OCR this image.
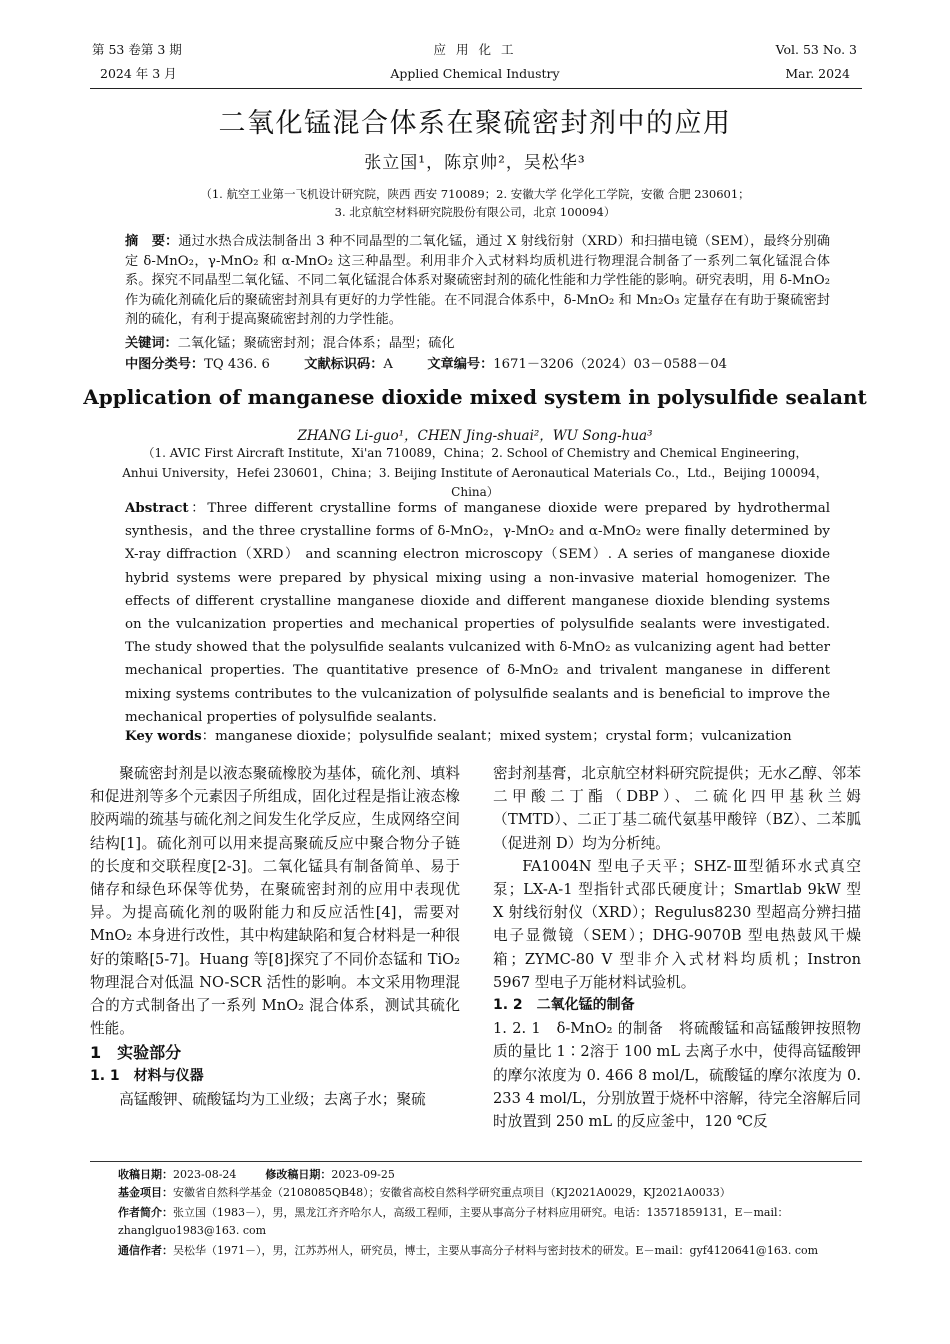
第 53 卷第 3 期
2024 年 3 月
应 用 化 工
Applied Chemical Industry
Vol. 53 No. 3
Mar. 2024
二氧化锰混合体系在聚硫密封剂中的应用
张立国¹，陈京帅²，吴松华³
（1. 航空工业第一飞机设计研究院，陕西 西安 710089；2. 安徽大学 化学化工学院，安徽 合肥 230601；
3. 北京航空材料研究院股份有限公司，北京 100094）
摘　要：通过水热合成法制备出 3 种不同晶型的二氧化锰，通过 X 射线衍射（XRD）和扫描电镜（SEM），最终分别确定 δ-MnO₂，γ-MnO₂ 和 α-MnO₂ 这三种晶型。利用非介入式材料均质机进行物理混合制备了一系列二氧化锰混合体系。探究不同晶型二氧化锰、不同二氧化锰混合体系对聚硫密封剂的硫化性能和力学性能的影响。研究表明，用 δ-MnO₂ 作为硫化剂硫化后的聚硫密封剂具有更好的力学性能。在不同混合体系中，δ-MnO₂ 和 Mn₂O₃ 定量存在有助于聚硫密封剂的硫化，有利于提高聚硫密封剂的力学性能。
关键词：二氧化锰；聚硫密封剂；混合体系；晶型；硫化
中图分类号：TQ 436. 6	文献标识码：A	文章编号：1671－3206（2024）03－0588－04
Application of manganese dioxide mixed system in polysulfide sealant
ZHANG Li-guo¹，CHEN Jing-shuai²，WU Song-hua³
（1. AVIC First Aircraft Institute，Xi'an 710089，China；2. School of Chemistry and Chemical Engineering，
Anhui University，Hefei 230601，China；3. Beijing Institute of Aeronautical Materials Co.，Ltd.，Beijing 100094，China）
Abstract：Three different crystalline forms of manganese dioxide were prepared by hydrothermal synthesis，and the three crystalline forms of δ-MnO₂，γ-MnO₂ and α-MnO₂ were finally determined by X-ray diffraction（XRD） and scanning electron microscopy（SEM）. A series of manganese dioxide hybrid systems were prepared by physical mixing using a non-invasive material homogenizer. The effects of different crystalline manganese dioxide and different manganese dioxide blending systems on the vulcanization properties and mechanical properties of polysulfide sealants were investigated. The study showed that the polysulfide sealants vulcanized with δ-MnO₂ as vulcanizing agent had better mechanical properties. The quantitative presence of δ-MnO₂ and trivalent manganese in different mixing systems contributes to the vulcanization of polysulfide sealants and is beneficial to improve the mechanical properties of polysulfide sealants.
Key words：manganese dioxide；polysulfide sealant；mixed system；crystal form；vulcanization

聚硫密封剂是以液态聚硫橡胶为基体，硫化剂、填料和促进剂等多个元素因子所组成，固化过程是指让液态橡胶两端的巯基与硫化剂之间发生化学反应，生成网络空间结构[1]。硫化剂可以用来提高聚硫反应中聚合物分子链的长度和交联程度[2-3]。二氧化锰具有制备简单、易于储存和绿色环保等优势，在聚硫密封剂的应用中表现优异。为提高硫化剂的吸附能力和反应活性[4]，需要对 MnO₂ 本身进行改性，其中构建缺陷和复合材料是一种很好的策略[5-7]。Huang 等[8]探究了不同价态锰和 TiO₂ 物理混合对低温 NO-SCR 活性的影响。本文采用物理混合的方式制备出了一系列 MnO₂ 混合体系，测试其硫化性能。

1　实验部分
1. 1　材料与仪器

高锰酸钾、硫酸锰均为工业级；去离子水；聚硫

密封剂基膏，北京航空材料研究院提供；无水乙醇、邻苯二甲酸二丁酯（DBP）、二硫化四甲基秋兰姆（TMTD）、二正丁基二硫代氨基甲酸锌（BZ）、二苯胍（促进剂 D）均为分析纯。

FA1004N 型电子天平；SHZ-Ⅲ型循环水式真空泵；LX-A-1 型指针式邵氏硬度计；Smartlab 9kW 型 X 射线衍射仪（XRD）；Regulus8230 型超高分辨扫描电子显微镜（SEM）；DHG-9070B 型电热鼓风干燥箱；ZYMC-80 V 型非介入式材料均质机；Instron 5967 型电子万能材料试验机。

1. 2　二氧化锰的制备
1. 2. 1　δ-MnO₂ 的制备　 将硫酸锰和高锰酸钾按照物质的量比 1∶2溶于 100 mL 去离子水中，使得高锰酸钾的摩尔浓度为 0. 466 8 mol/L，硫酸锰的摩尔浓度为 0. 233 4 mol/L，分别放置于烧杯中溶解，待完全溶解后同时放置到 250 mL 的反应釜中，120 ℃反
收稿日期：2023-08-24	修改稿日期：2023-09-25
基金项目：安徽省自然科学基金（2108085QB48）；安徽省高校自然科学研究重点项目（KJ2021A0029，KJ2021A0033）
作者简介：张立国（1983－），男，黑龙江齐齐哈尔人，高级工程师，主要从事高分子材料应用研究。电话：13571859131，E－mail：zhanglguo1983@163. com
通信作者：吴松华（1971－），男，江苏苏州人，研究员，博士，主要从事高分子材料与密封技术的研发。E－mail：gyf4120641@163. com
